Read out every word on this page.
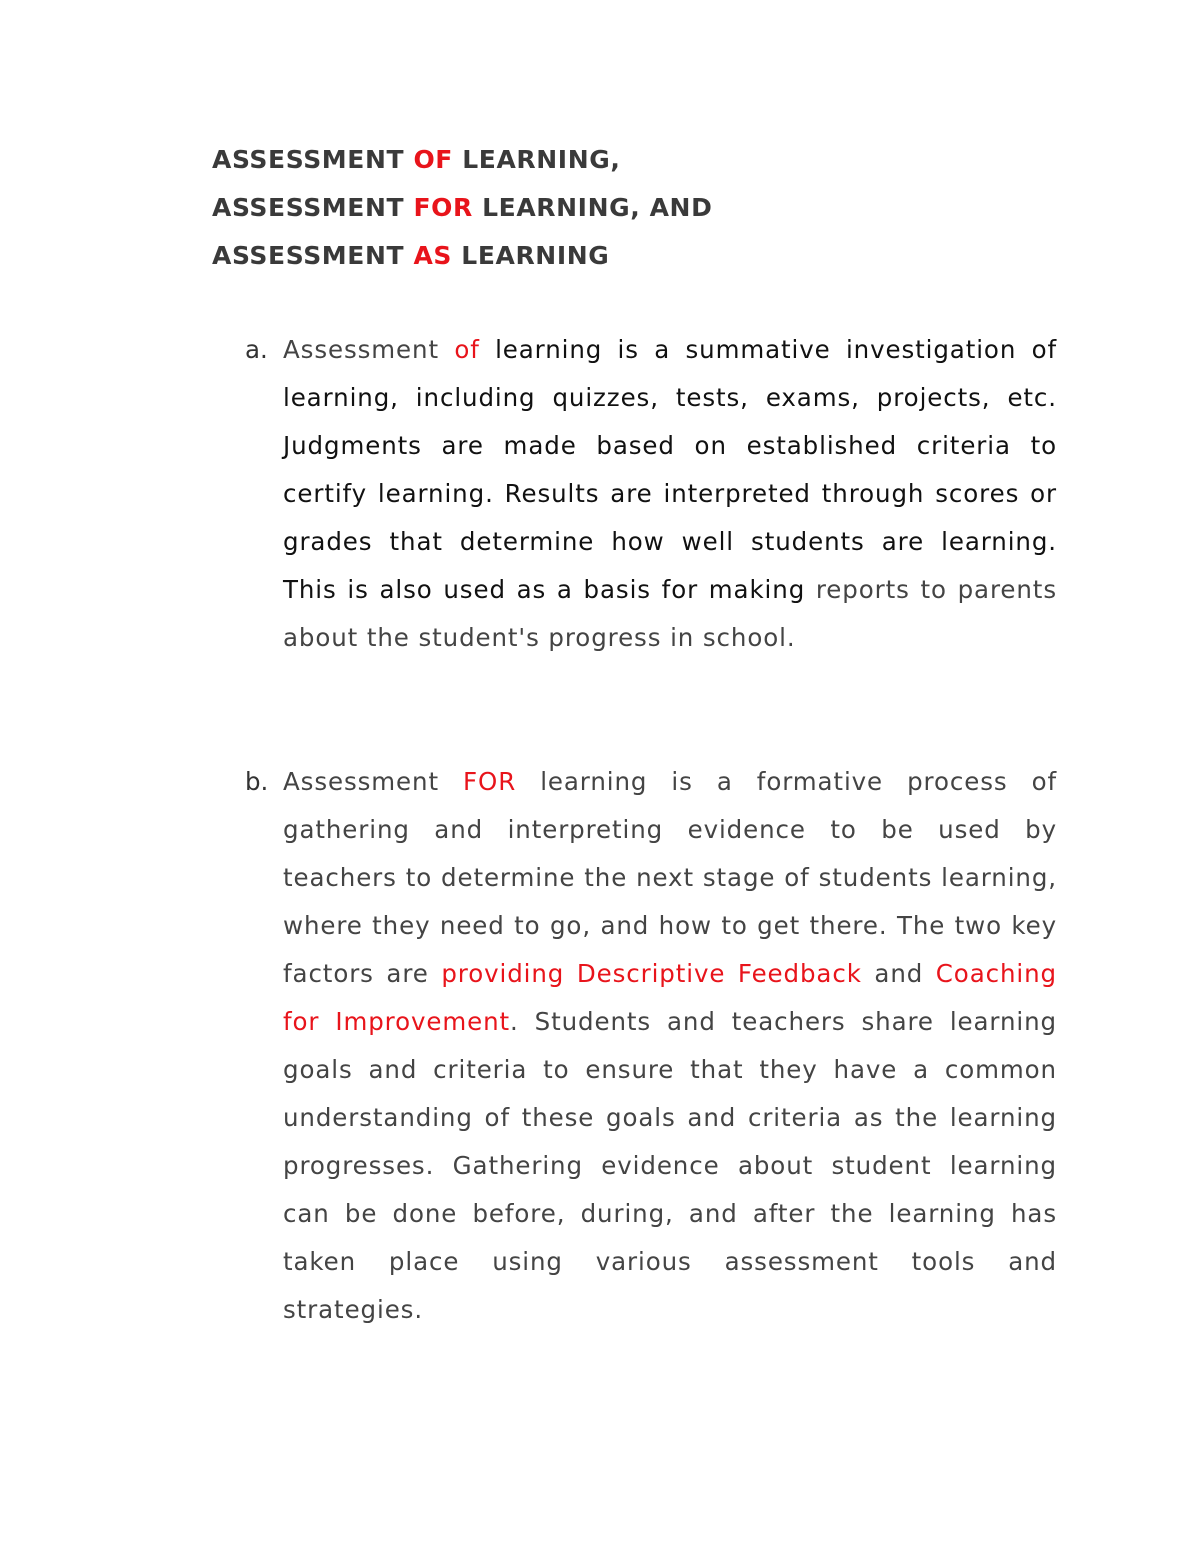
ASSESSMENT OF LEARNING,
ASSESSMENT FOR LEARNING, AND
ASSESSMENT AS LEARNING

a. Assessment of learning is a summative investigation of learning, including quizzes, tests, exams, projects, etc. Judgments are made based on established criteria to certify learning. Results are interpreted through scores or grades that determine how well students are learning. This is also used as a basis for making reports to parents about the student's progress in school.

b. Assessment FOR learning is a formative process of gathering and interpreting evidence to be used by teachers to determine the next stage of students learning, where they need to go, and how to get there. The two key factors are providing Descriptive Feedback and Coaching for Improvement. Students and teachers share learning goals and criteria to ensure that they have a common understanding of these goals and criteria as the learning progresses. Gathering evidence about student learning can be done before, during, and after the learning has taken place using various assessment tools and strategies.
